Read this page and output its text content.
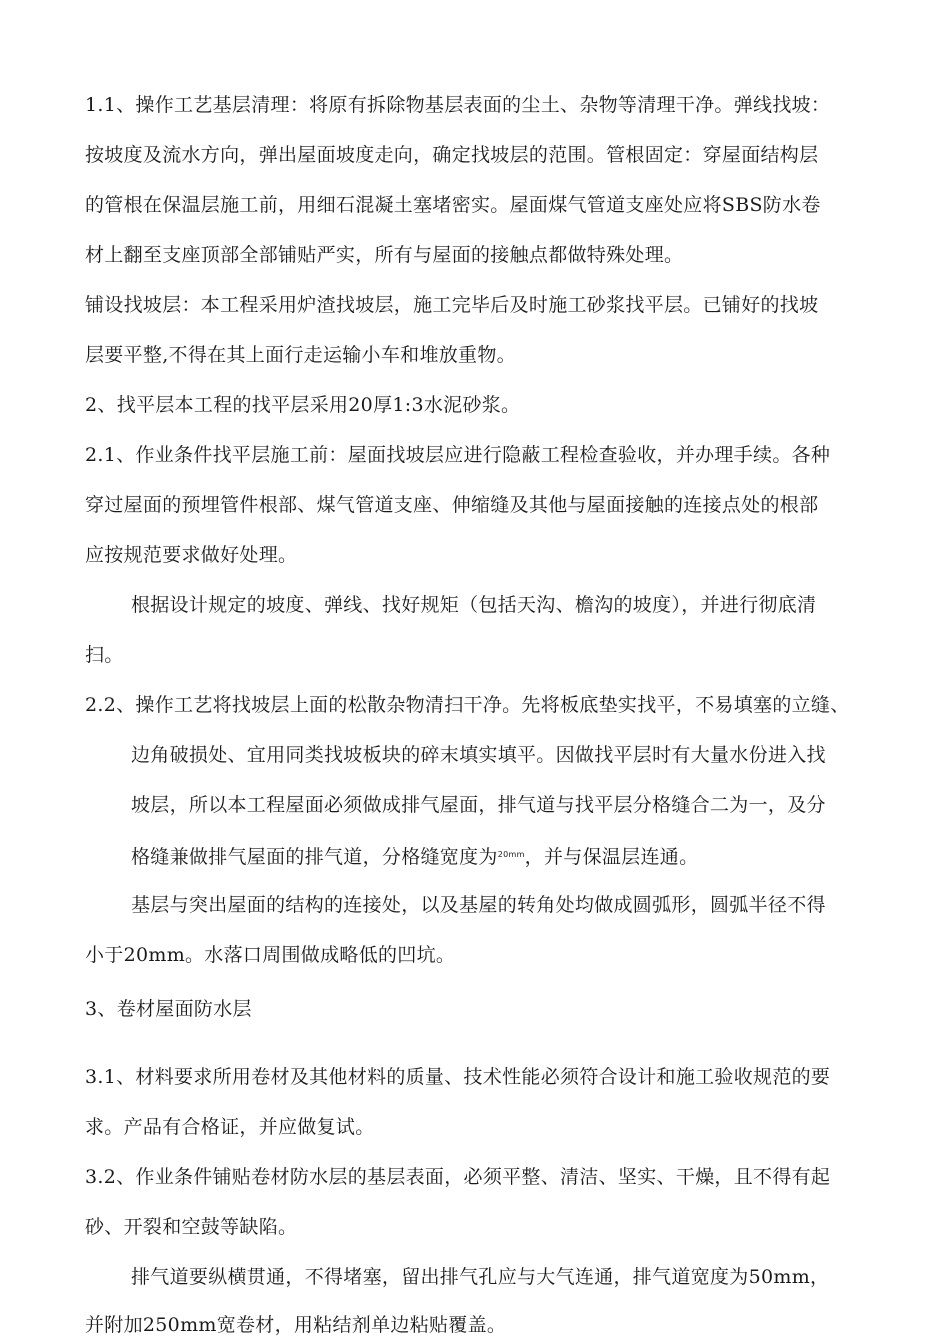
1.1、操作工艺基层清理：将原有拆除物基层表面的尘土、杂物等清理干净。弹线找坡：
按坡度及流水方向，弹出屋面坡度走向，确定找坡层的范围。管根固定：穿屋面结构层
的管根在保温层施工前，用细石混凝土塞堵密实。屋面煤气管道支座处应将SBS防水卷
材上翻至支座顶部全部铺贴严实，所有与屋面的接触点都做特殊处理。
铺设找坡层：本工程采用炉渣找坡层，施工完毕后及时施工砂浆找平层。已铺好的找坡
层要平整,不得在其上面行走运输小车和堆放重物。
2、找平层本工程的找平层采用20厚1:3水泥砂浆。
2.1、作业条件找平层施工前：屋面找坡层应进行隐蔽工程检查验收，并办理手续。各种
穿过屋面的预埋管件根部、煤气管道支座、伸缩缝及其他与屋面接触的连接点处的根部
应按规范要求做好处理。
根据设计规定的坡度、弹线、找好规矩（包括天沟、檐沟的坡度），并进行彻底清
扫。
2.2、操作工艺将找坡层上面的松散杂物清扫干净。先将板底垫实找平，不易填塞的立缝、
边角破损处、宜用同类找坡板块的碎末填实填平。因做找平层时有大量水份进入找
坡层，所以本工程屋面必须做成排气屋面，排气道与找平层分格缝合二为一，及分
格缝兼做排气屋面的排气道，分格缝宽度为$^{20mm}$，并与保温层连通。
基层与突出屋面的结构的连接处，以及基屋的转角处均做成圆弧形，圆弧半径不得
小于20mm。水落口周围做成略低的凹坑。
3、卷材屋面防水层
3.1、材料要求所用卷材及其他材料的质量、技术性能必须符合设计和施工验收规范的要
求。产品有合格证，并应做复试。
3.2、作业条件铺贴卷材防水层的基层表面，必须平整、清洁、坚实、干燥，且不得有起
砂、开裂和空鼓等缺陷。
排气道要纵横贯通，不得堵塞，留出排气孔应与大气连通，排气道宽度为50mm，
并附加250mm宽卷材，用粘结剂单边粘贴覆盖。
